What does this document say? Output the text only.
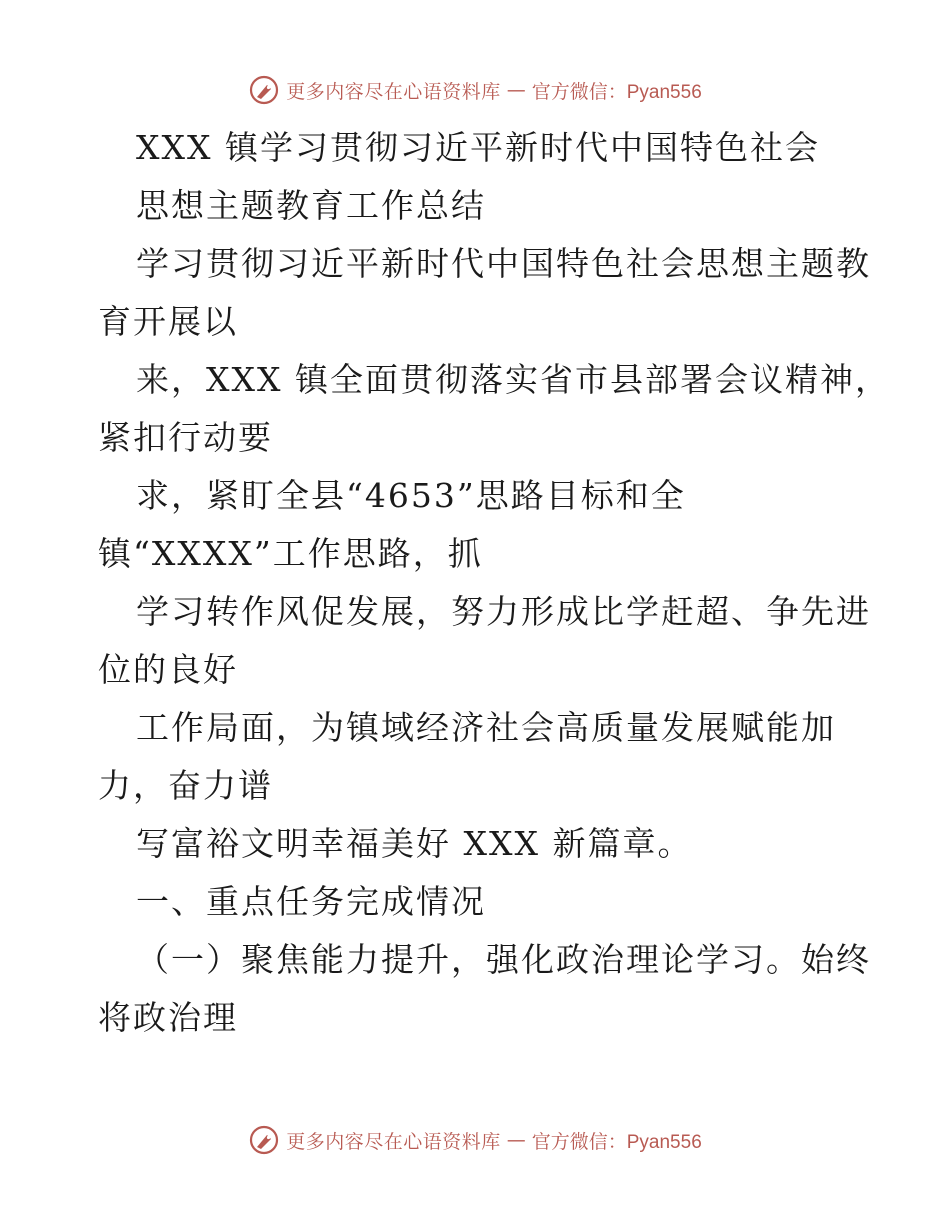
更多内容尽在心语资料库 — 官方微信：Pyan556
XXX 镇学习贯彻习近平新时代中国特色社会
思想主题教育工作总结
学习贯彻习近平新时代中国特色社会思想主题教
育开展以
来，XXX 镇全面贯彻落实省市县部署会议精神，
紧扣行动要
求，紧盯全县“4653”思路目标和全
镇“XXXX”工作思路，抓
学习转作风促发展，努力形成比学赶超、争先进
位的良好
工作局面，为镇域经济社会高质量发展赋能加
力，奋力谱
写富裕文明幸福美好 XXX 新篇章。
一、重点任务完成情况
（一）聚焦能力提升，强化政治理论学习。始终
将政治理
更多内容尽在心语资料库 — 官方微信：Pyan556
